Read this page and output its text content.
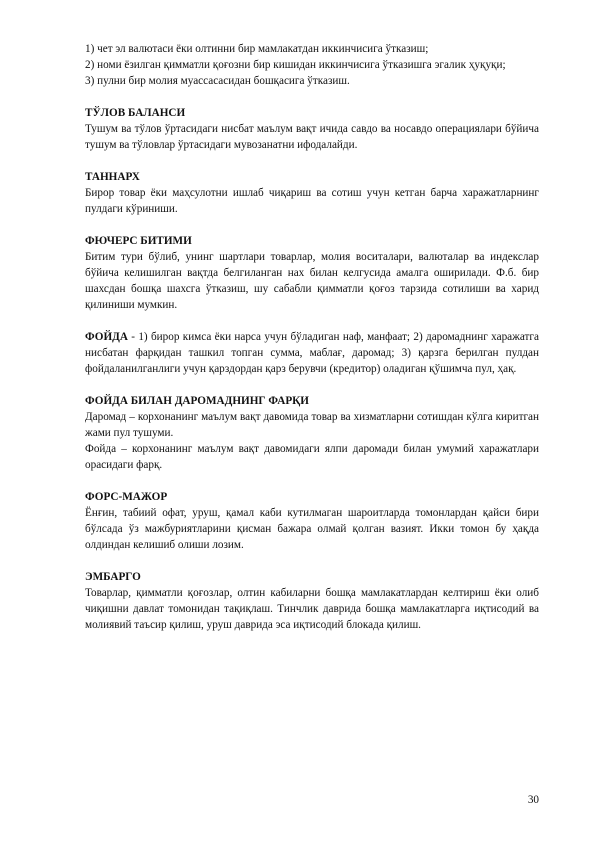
1) чет эл валютаси ёки олтинни бир мамлакатдан иккинчисига ўтказиш;

2) номи ёзилган қимматли қоғозни бир кишидан иккинчисига ўтказишга эгалик ҳуқуқи;

3) пулни бир молия муассасасидан бошқасига ўтказиш.

ТЎЛОВ БАЛАНСИ

Тушум ва тўлов ўртасидаги нисбат маълум вақт ичида савдо ва носавдо операциялари бўйича тушум ва тўловлар ўртасидаги мувозанатни ифодалайди.

ТАННАРХ

Бирор товар ёки маҳсулотни ишлаб чиқариш ва сотиш учун кетган барча харажатларнинг пулдаги кўриниши.

ФЮЧЕРС БИТИМИ

Битим тури бўлиб, унинг шартлари товарлар, молия воситалари, валюталар ва индекслар бўйича келишилган вақтда белгиланган нах билан келгусида амалга оширилади. Ф.б. бир шахсдан бошқа шахсга ўтказиш, шу сабабли қимматли қоғоз тарзида сотилиши ва харид қилиниши мумкин.

ФОЙДА - 1) бирор кимса ёки нарса учун бўладиган наф, манфаат; 2) даромаднинг харажатга нисбатан фарқидан ташкил топган сумма, маблағ, даромад; 3) қарзга берилган пулдан фойдаланилганлиги учун қарздордан қарз берувчи (кредитор) оладиган қўшимча пул, ҳақ.

ФОЙДА БИЛАН ДАРОМАДНИНГ ФАРҚИ

Даромад – корхонанинг маълум вақт давомида товар ва хизматларни сотишдан кўлга киритган жами пул тушуми.

Фойда – корхонанинг маълум вақт давомидаги ялпи даромади билан умумий харажатлари орасидаги фарқ.

ФОРС-МАЖОР

Ёнғин, табиий офат, уруш, қамал каби кутилмаган шароитларда томонлардан қайси бири бўлсада ўз мажбуриятларини қисман бажара олмай қолган вазият. Икки томон бу ҳақда олдиндан келишиб олиши лозим.

ЭМБАРГО

Товарлар, қимматли қоғозлар, олтин кабиларни бошқа мамлакатлардан келтириш ёки олиб чиқишни давлат томонидан тақиқлаш. Тинчлик даврида бошқа мамлакатларга иқтисодий ва молиявий таъсир қилиш, уруш даврида эса иқтисодий блокада қилиш.

30
